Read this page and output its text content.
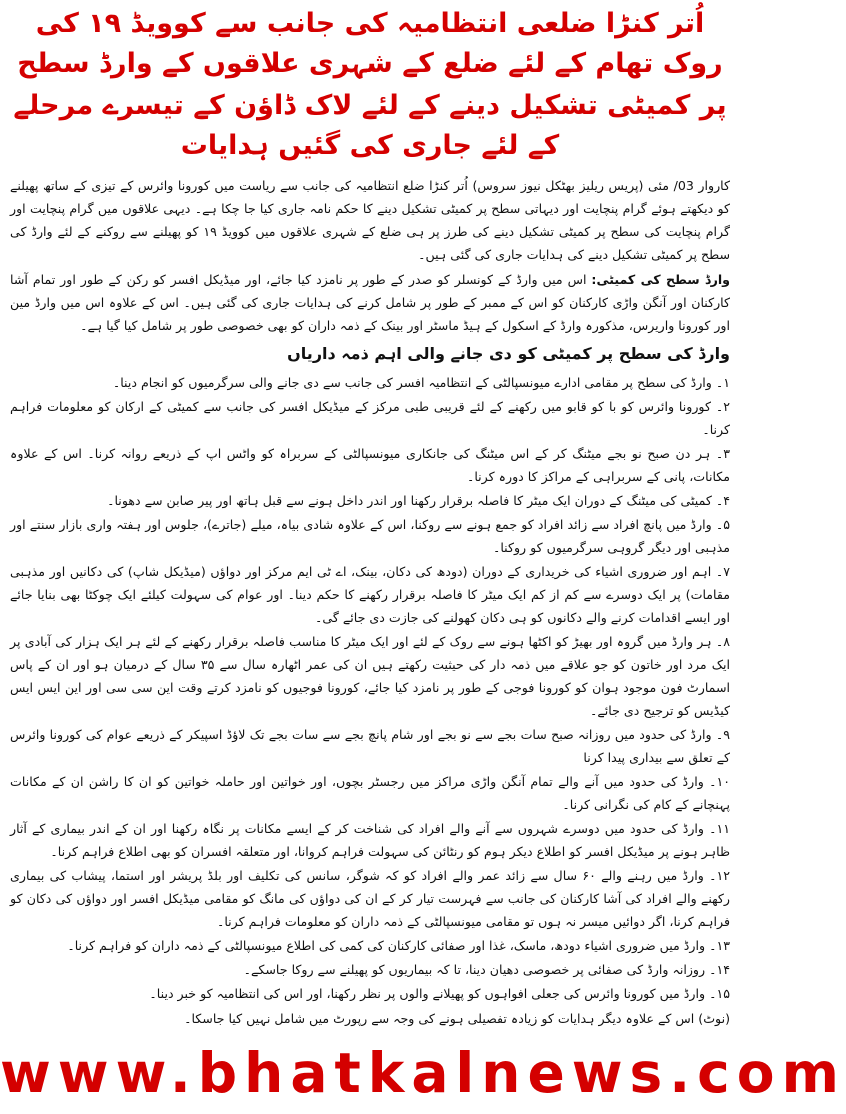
اُتر کنڑا ضلعی انتظامیہ کی جانب سے کوویڈ ۱۹ کی روک تھام کے لئے ضلع کے شہری علاقوں کے وارڈ سطح
پر کمیٹی تشکیل دینے کے لئے لاک ڈاؤن کے تیسرے مرحلے کے لئے جاری کی گئیں ہدایات

کاروار 03/ مئی (پریس ریلیز بھٹکل نیوز سروس) اُتر کنڑا ضلع انتظامیہ کی جانب سے ریاست میں کورونا وائرس کے تیزی کے ساتھ پھیلنے کو دیکھتے ہوئے گرام پنچایت اور دیہاتی سطح پر کمیٹی تشکیل دینے کا حکم نامہ جاری کیا جا چکا ہے۔ دیہی علاقوں میں گرام پنچایت اور گرام پنچایت کی سطح پر کمیٹی تشکیل دینے کی طرز پر ہی ضلع کے شہری علاقوں میں کوویڈ ۱۹ کو پھیلنے سے روکنے کے لئے وارڈ کی سطح پر کمیٹی تشکیل دینے کی ہدایات جاری کی گئی ہیں۔

وارڈ سطح کی کمیٹی: اس میں وارڈ کے کونسلر کو صدر کے طور پر نامزد کیا جائے، اور میڈیکل افسر کو رکن کے طور اور تمام آشا کارکنان اور آنگن واڑی کارکنان کو اس کے ممبر کے طور پر شامل کرنے کی ہدایات جاری کی گئی ہیں۔ اس کے علاوہ اس میں وارڈ مین اور کورونا واریرس، مذکورہ وارڈ کے اسکول کے ہیڈ ماسٹر اور بینک کے ذمہ داران کو بھی خصوصی طور پر شامل کیا گیا ہے۔

وارڈ کی سطح پر کمیٹی کو دی جانے والی اہم ذمہ داریاں

۱۔ وارڈ کی سطح پر مقامی ادارے میونسپالٹی کے انتظامیہ افسر کی جانب سے دی جانے والی سرگرمیوں کو انجام دینا۔

۲۔ کورونا وائرس کو با کو قابو میں رکھنے کے لئے قریبی طبی مرکز کے میڈیکل افسر کی جانب سے کمیٹی کے ارکان کو معلومات فراہم کرنا۔

۳۔ ہر دن صبح نو بجے میٹنگ کر کے اس میٹنگ کی جانکاری میونسپالٹی کے سربراہ کو واٹس اپ کے ذریعے روانہ کرنا۔ اس کے علاوہ مکانات، پانی کے سربراہی کے مراکز کا دورہ کرنا۔

۴۔ کمیٹی کی میٹنگ کے دوران ایک میٹر کا فاصلہ برقرار رکھنا اور اندر داخل ہونے سے قبل ہاتھ اور پیر صابن سے دھونا۔

۵۔ وارڈ میں پانچ افراد سے زائد افراد کو جمع ہونے سے روکنا، اس کے علاوہ شادی بیاہ، میلے (جاترے)، جلوس اور ہفتہ واری بازار سنتے اور مذہبی اور دیگر گروہی سرگرمیوں کو روکنا۔

۷۔ اہم اور ضروری اشیاء کی خریداری کے دوران (دودھ کی دکان، بینک، اے ٹی ایم مرکز اور دواؤں (میڈیکل شاپ) کی دکانیں اور مذہبی مقامات) پر ایک دوسرے سے کم از کم ایک میٹر کا فاصلہ برقرار رکھنے کا حکم دینا۔ اور عوام کی سہولت کیلئے ایک چوکٹا بھی بنایا جائے اور ایسے اقدامات کرنے والے دکانوں کو ہی دکان کھولنے کی جازت دی جائے گی۔

۸۔ ہر وارڈ میں گروہ اور بھیڑ کو اکٹھا ہونے سے روک کے لئے اور ایک میٹر کا مناسب فاصلہ برقرار رکھنے کے لئے ہر ایک ہزار کی آبادی پر ایک مرد اور خاتون کو جو علاقے میں ذمہ دار کی حیثیت رکھتے ہیں ان کی عمر اٹھارہ سال سے ۳۵ سال کے درمیان ہو اور ان کے پاس اسمارٹ فون موجود ہوان کو کورونا فوجی کے طور پر نامزد کیا جائے، کورونا فوجیوں کو نامزد کرتے وقت این سی سی اور این ایس ایس کیڈیس کو ترجیح دی جائے۔

۹۔ وارڈ کی حدود میں روزانہ صبح سات بجے سے نو بجے اور شام پانچ بجے سے سات بجے تک لاؤڈ اسپیکر کے ذریعے عوام کی کورونا وائرس کے تعلق سے بیداری پیدا کرنا

۱۰۔ وارڈ کی حدود میں آنے والے تمام آنگن واڑی مراکز میں رجسٹر بچوں، اور خواتین اور حاملہ خواتین کو ان کا راشن ان کے مکانات پہنچانے کے کام کی نگرانی کرنا۔

۱۱۔ وارڈ کی حدود میں دوسرے شہروں سے آنے والے افراد کی شناخت کر کے ایسے مکانات پر نگاہ رکھنا اور ان کے اندر بیماری کے آثار ظاہر ہونے پر میڈیکل افسر کو اطلاع دیکر ہوم کو رنٹائن کی سہولت فراہم کروانا، اور متعلقہ افسران کو بھی اطلاع فراہم کرنا۔

۱۲۔ وارڈ میں رہنے والے ۶۰ سال سے زائد عمر والے افراد کو کہ شوگر، سانس کی تکلیف اور بلڈ پریشر اور استما، پیشاب کی بیماری رکھنے والے افراد کی آشا کارکنان کی جانب سے فہرست تیار کر کے ان کی دواؤں کی مانگ کو مقامی میڈیکل افسر اور دواؤں کی دکان کو فراہم کرنا، اگر دوائیں میسر نہ ہوں تو مقامی میونسپالٹی کے ذمہ داران کو معلومات فراہم کرنا۔

۱۳۔ وارڈ میں ضروری اشیاء دودھ، ماسک، غذا اور صفائی کارکنان کی کمی کی اطلاع میونسپالٹی کے ذمہ داران کو فراہم کرنا۔

۱۴۔ روزانہ وارڈ کی صفائی پر خصوصی دھیان دینا، تا کہ بیماریوں کو پھیلنے سے روکا جاسکے۔

۱۵۔ وارڈ میں کورونا وائرس کی جعلی افواہوں کو پھیلانے والوں پر نظر رکھنا، اور اس کی انتظامیہ کو خبر دینا۔

(نوٹ) اس کے علاوہ دیگر ہدایات کو زیادہ تفصیلی ہونے کی وجہ سے رپورٹ میں شامل نہیں کیا جاسکا۔

www.bhatkalnews.com
